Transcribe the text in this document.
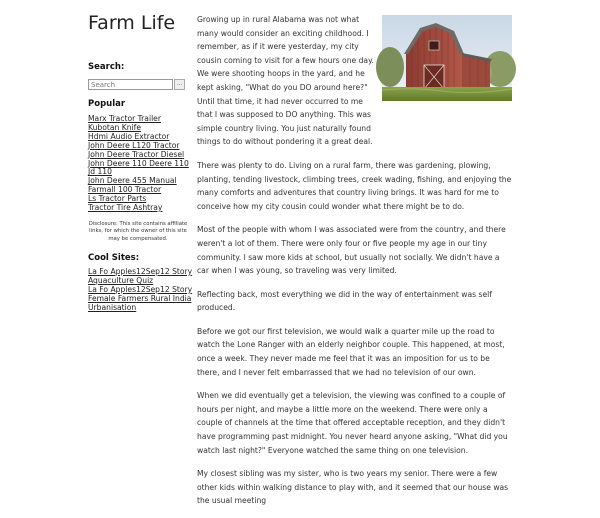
Farm Life
Search:
Search
...
Popular
Marx Tractor Trailer
Kubotan Knife
Hdmi Audio Extractor
John Deere L120 Tractor
John Deere Tractor Diesel
John Deere 110 Deere 110
Jd 110
John Deere 455 Manual
Farmall 100 Tractor
Ls Tractor Parts
Tractor Tire Ashtray

Disclosure: This site contains affiliate links, for which the owner of this site may be compensated.

Cool Sites:
La Fo Apples12Sep12 Story
Aquaculture Quiz
La Fo Apples12Sep12 Story
Female Farmers Rural India
Urbanisation

Growing up in rural Alabama was not what many would consider an exciting childhood. I remember, as if it were yesterday, my city cousin coming to visit for a few hours one day. We were shooting hoops in the yard, and he kept asking, "What do you DO around here?" Until that time, it had never occurred to me that I was supposed to DO anything. This was simple country living. You just naturally found things to do without pondering it a great deal.

There was plenty to do. Living on a rural farm, there was gardening, plowing, planting, tending livestock, climbing trees, creek wading, fishing, and enjoying the many comforts and adventures that country living brings. It was hard for me to conceive how my city cousin could wonder what there might be to do.

Most of the people with whom I was associated were from the country, and there weren't a lot of them. There were only four or five people my age in our tiny community. I saw more kids at school, but usually not socially. We didn't have a car when I was young, so traveling was very limited.

Reflecting back, most everything we did in the way of entertainment was self produced.

Before we got our first television, we would walk a quarter mile up the road to watch the Lone Ranger with an elderly neighbor couple. This happened, at most, once a week. They never made me feel that it was an imposition for us to be there, and I never felt embarrassed that we had no television of our own.

When we did eventually get a television, the viewing was confined to a couple of hours per night, and maybe a little more on the weekend. There were only a couple of channels at the time that offered acceptable reception, and they didn't have programming past midnight. You never heard anyone asking, "What did you watch last night?" Everyone watched the same thing on one television.

My closest sibling was my sister, who is two years my senior. There were a few other kids within walking distance to play with, and it seemed that our house was the usual meeting
